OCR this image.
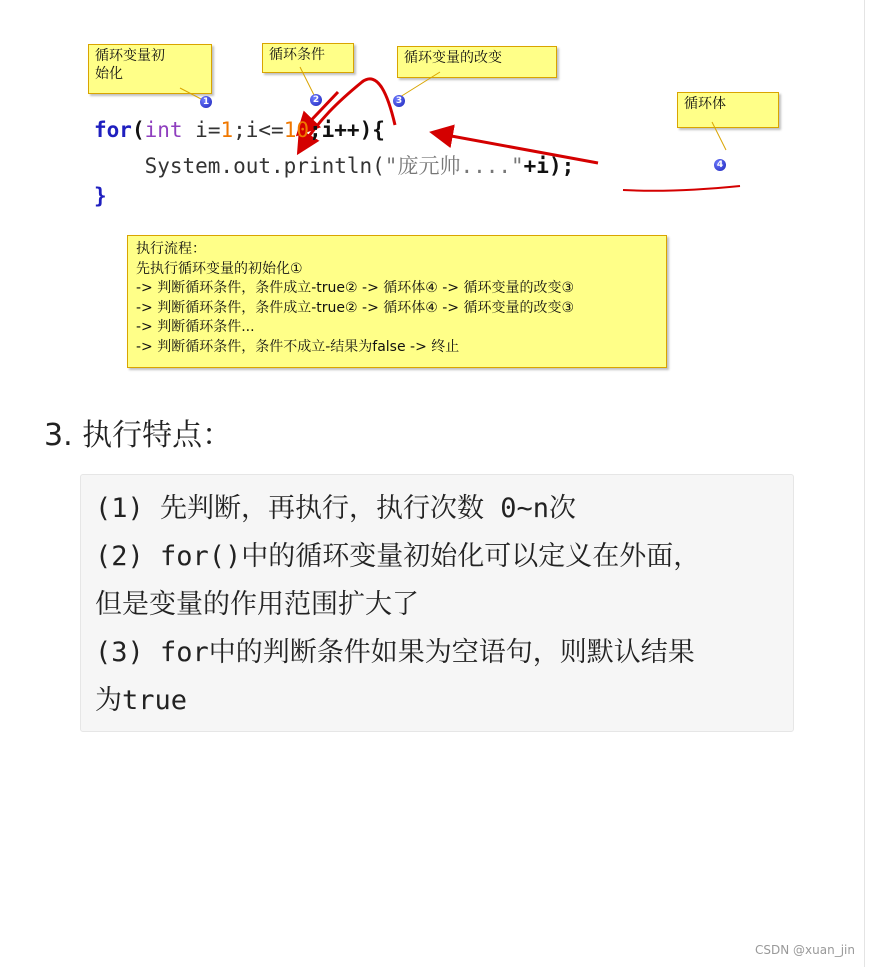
循环变量初
始化
循环条件	循环变量的改变
循环体
for(int i=1;i<=10;i++){
System.out.println("庞元帅...."+i);
}
1	2	3
4
执行流程：
先执行循环变量的初始化①
-> 判断循环条件，条件成立-true② -> 循环体④ -> 循环变量的改变③
-> 判断循环条件，条件成立-true② -> 循环体④ -> 循环变量的改变③
-> 判断循环条件...
-> 判断循环条件，条件不成立-结果为false -> 终止
3. 执行特点：
(1) 先判断，再执行，执行次数 0~n次
(2) for()中的循环变量初始化可以定义在外面，
但是变量的作用范围扩大了
(3) for中的判断条件如果为空语句，则默认结果
为true
CSDN @xuan_jin
